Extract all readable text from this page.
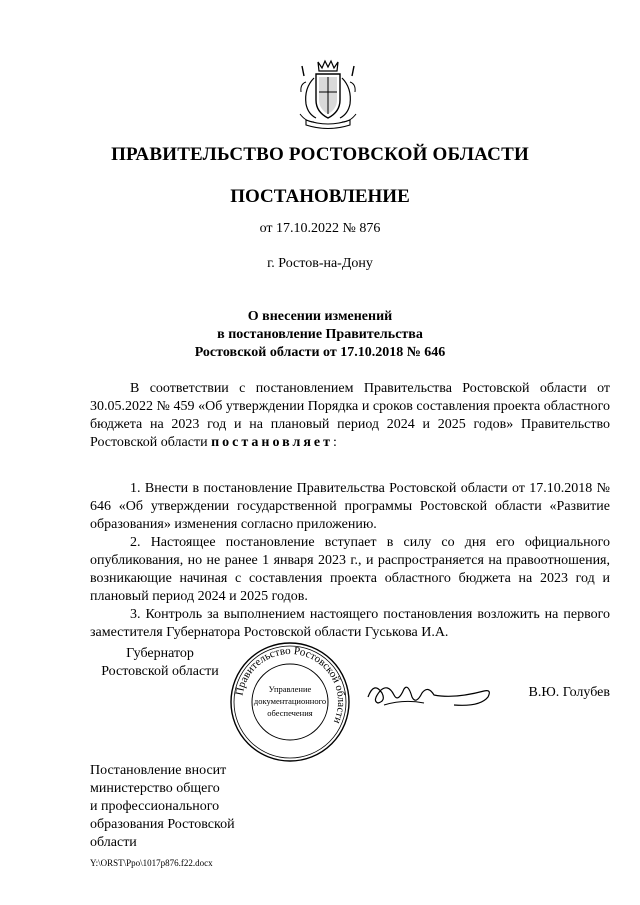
ПРАВИТЕЛЬСТВО РОСТОВСКОЙ ОБЛАСТИ
ПОСТАНОВЛЕНИЕ
от 17.10.2022 № 876
г. Ростов-на-Дону
О внесении изменений
в постановление Правительства
Ростовской области от 17.10.2018 № 646

В соответствии с постановлением Правительства Ростовской области от 30.05.2022 № 459 «Об утверждении Порядка и сроков составления проекта областного бюджета на 2023 год и на плановый период 2024 и 2025 годов» Правительство Ростовской области постановляет:

1. Внести в постановление Правительства Ростовской области от 17.10.2018 № 646 «Об утверждении государственной программы Ростовской области «Развитие образования» изменения согласно приложению.

2. Настоящее постановление вступает в силу со дня его официального опубликования, но не ранее 1 января 2023 г., и распространяется на правоотношения, возникающие начиная с составления проекта областного бюджета на 2023 год и плановый период 2024 и 2025 годов.

3. Контроль за выполнением настоящего постановления возложить на первого заместителя Губернатора Ростовской области Гуськова И.А.

Губернатор
Ростовской области
Правительство Ростовской области
Управление
документационного
обеспечения
В.Ю. Голубев
Постановление вносит
министерство общего
и профессионального
образования Ростовской
области
Y:\ORST\Ppo\1017p876.f22.docx
